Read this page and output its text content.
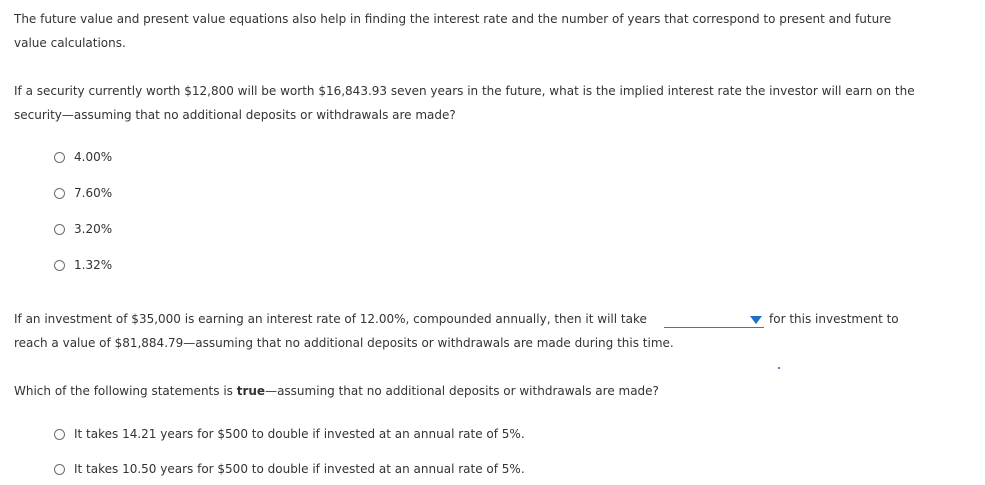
The future value and present value equations also help in finding the interest rate and the number of years that correspond to present and future
value calculations.
If a security currently worth $12,800 will be worth $16,843.93 seven years in the future, what is the implied interest rate the investor will earn on the
security—assuming that no additional deposits or withdrawals are made?
4.00%
7.60%
3.20%
1.32%
If an investment of $35,000 is earning an interest rate of 12.00%, compounded annually, then it will take
reach a value of $81,884.79—assuming that no additional deposits or withdrawals are made during this time.
for this investment to
Which of the following statements is true—assuming that no additional deposits or withdrawals are made?
It takes 14.21 years for $500 to double if invested at an annual rate of 5%.
It takes 10.50 years for $500 to double if invested at an annual rate of 5%.
